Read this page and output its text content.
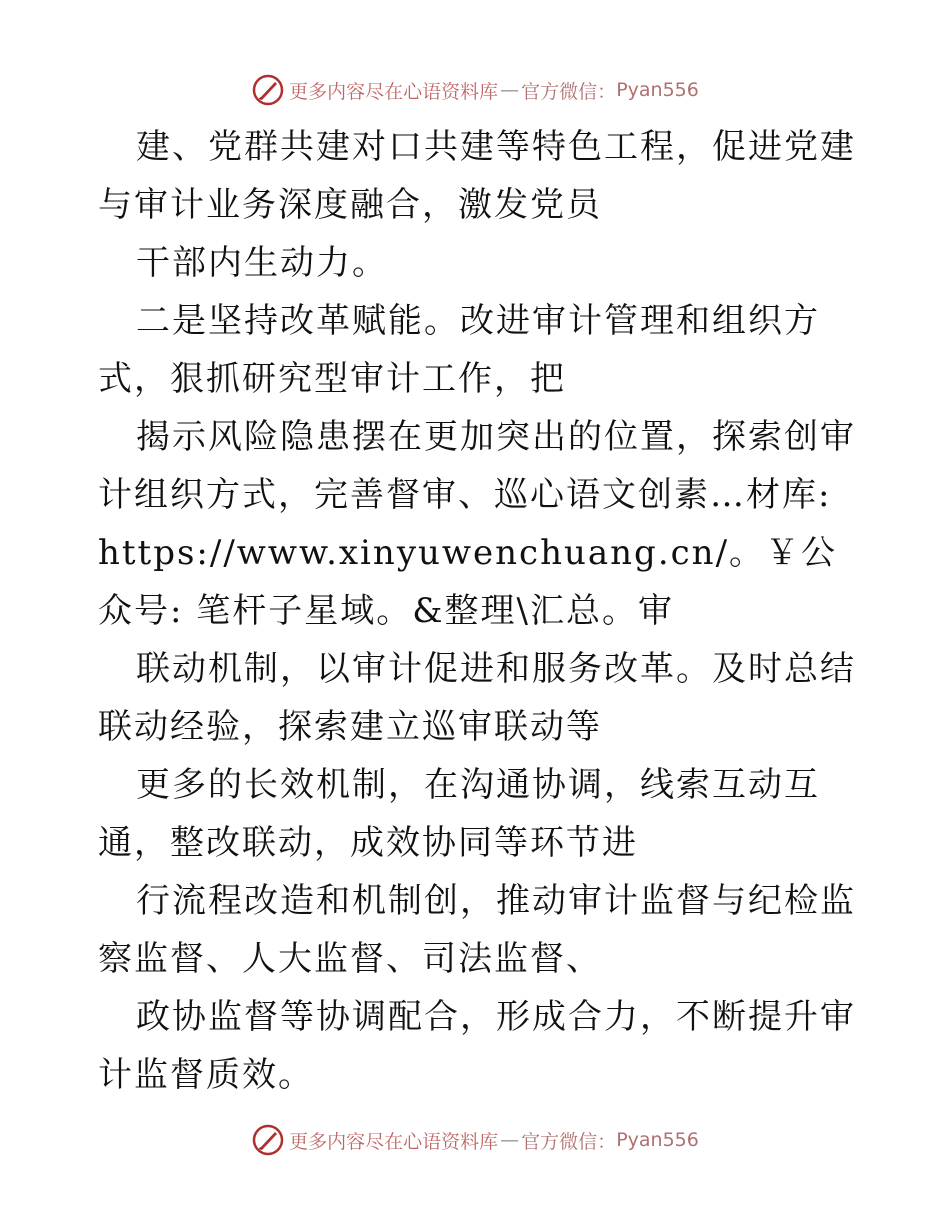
更多内容尽在心语资料库 — 官方微信： Pyan556

建、党群共建对口共建等特色工程，促进党建与审计业务深度融合，激发党员

干部内生动力。

二是坚持改革赋能。改进审计管理和组织方式，狠抓研究型审计工作，把

揭示风险隐患摆在更加突出的位置，探索创审计组织方式，完善督审、巡心语文创素…材库: https://www.xinyuwenchuang.cn/。￥公众号: 笔杆子星域。&整理\汇总。审

联动机制，以审计促进和服务改革。及时总结联动经验，探索建立巡审联动等

更多的长效机制，在沟通协调，线索互动互通，整改联动，成效协同等环节进

行流程改造和机制创，推动审计监督与纪检监察监督、人大监督、司法监督、

政协监督等协调配合，形成合力，不断提升审计监督质效。

更多内容尽在心语资料库 — 官方微信： Pyan556
